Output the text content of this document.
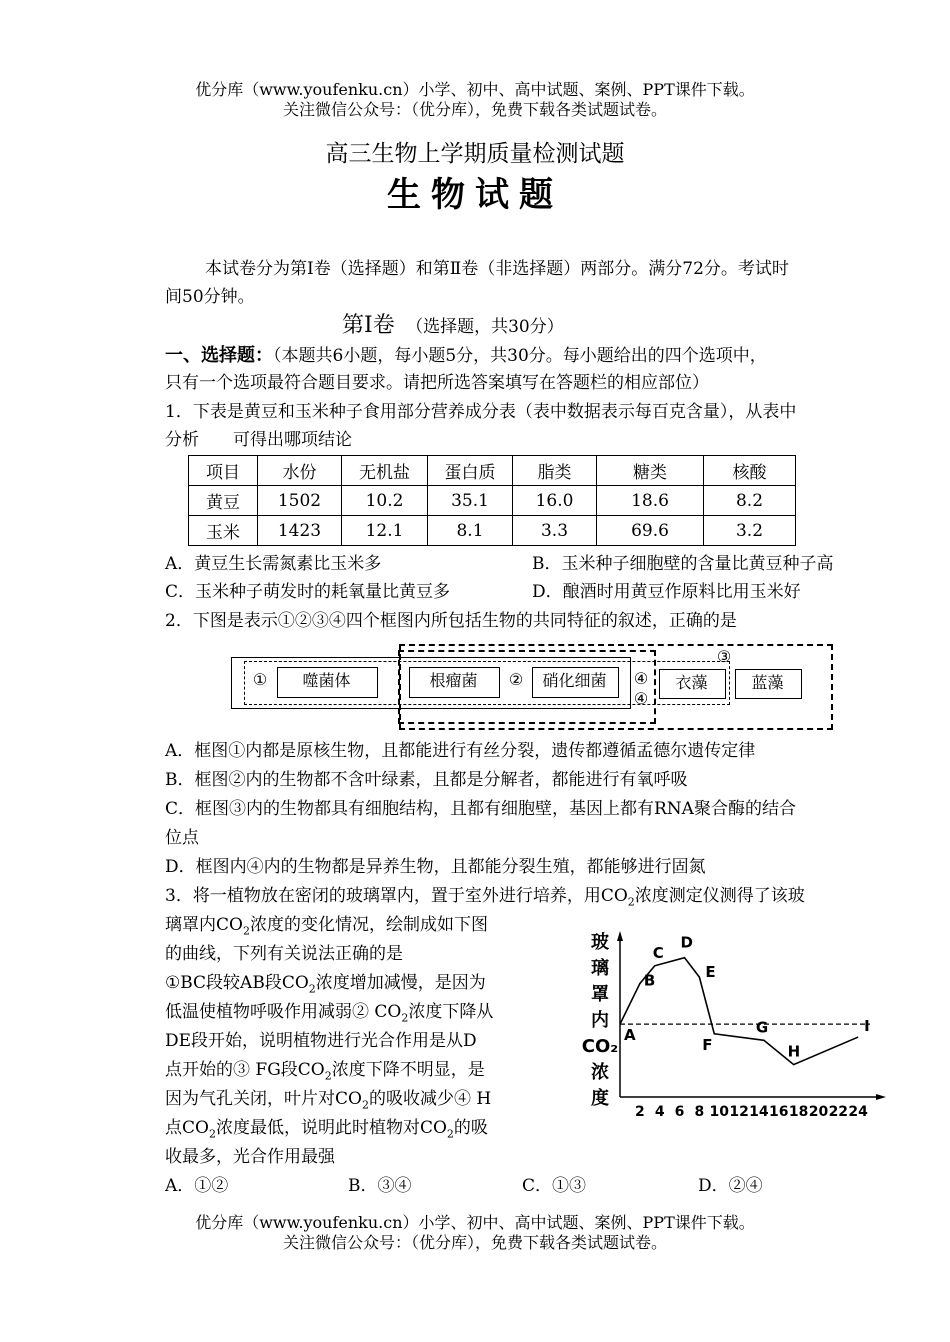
优分库（www.youfenku.cn）小学、初中、高中试题、案例、PPT课件下载。
关注微信公众号：（优分库），免费下载各类试题试卷。
高三生物上学期质量检测试题
生物试题
本试卷分为第Ⅰ卷（选择题）和第Ⅱ卷（非选择题）两部分。满分72分。考试时
间50分钟。
第Ⅰ卷 （选择题，共30分）
一、选择题：（本题共6小题，每小题5分，共30分。每小题给出的四个选项中，
只有一个选项最符合题目要求。请把所选答案填写在答题栏的相应部位）
1．下表是黄豆和玉米种子食用部分营养成分表（表中数据表示每百克含量），从表中
分析　　可得出哪项结论
项目	水份	无机盐	蛋白质	脂类	糖类	核酸
黄豆	1502	10.2	35.1	16.0	18.6	8.2
玉米	1423	12.1	8.1	3.3	69.6	3.2
A．黄豆生长需氮素比玉米多	B．玉米种子细胞壁的含量比黄豆种子高
C．玉米种子萌发时的耗氧量比黄豆多	D．酿酒时用黄豆作原料比用玉米好
2．下图是表示①②③④四个框图内所包括生物的共同特征的叙述，正确的是
①	噬菌体	根瘤菌	②	硝化细菌
③
④
④
衣藻	蓝藻
A．框图①内都是原核生物，且都能进行有丝分裂，遗传都遵循孟德尔遗传定律
B．框图②内的生物都不含叶绿素，且都是分解者，都能进行有氧呼吸
C．框图③内的生物都具有细胞结构，且都有细胞壁，基因上都有RNA聚合酶的结合
位点
D．框图内④内的生物都是异养生物，且都能分裂生殖，都能够进行固氮
3．将一植物放在密闭的玻璃罩内，置于室外进行培养，用$CO_2$浓度测定仪测得了该玻
璃罩内$CO_2$浓度的变化情况，绘制成如下图
的曲线，下列有关说法正确的是
①BC段较AB段$CO_2$浓度增加减慢，是因为
低温使植物呼吸作用减弱② $CO_2$浓度下降从
DE段开始，说明植物进行光合作用是从D
点开始的③ FG段$CO_2$浓度下降不明显，是
因为气孔关闭，叶片对$CO_2$的吸收减少④ H
点$CO_2$浓度最低，说明此时植物对$CO_2$的吸
收最多，光合作用最强
A．①②	B．③④	C．①③	D．②④
玻
璃
罩
内
CO₂
浓
度
2 4 6 8 10 12 14 16 18 20 22 24
A
B
C
D
E
F
G
H
I
优分库（www.youfenku.cn）小学、初中、高中试题、案例、PPT课件下载。
关注微信公众号：（优分库），免费下载各类试题试卷。
